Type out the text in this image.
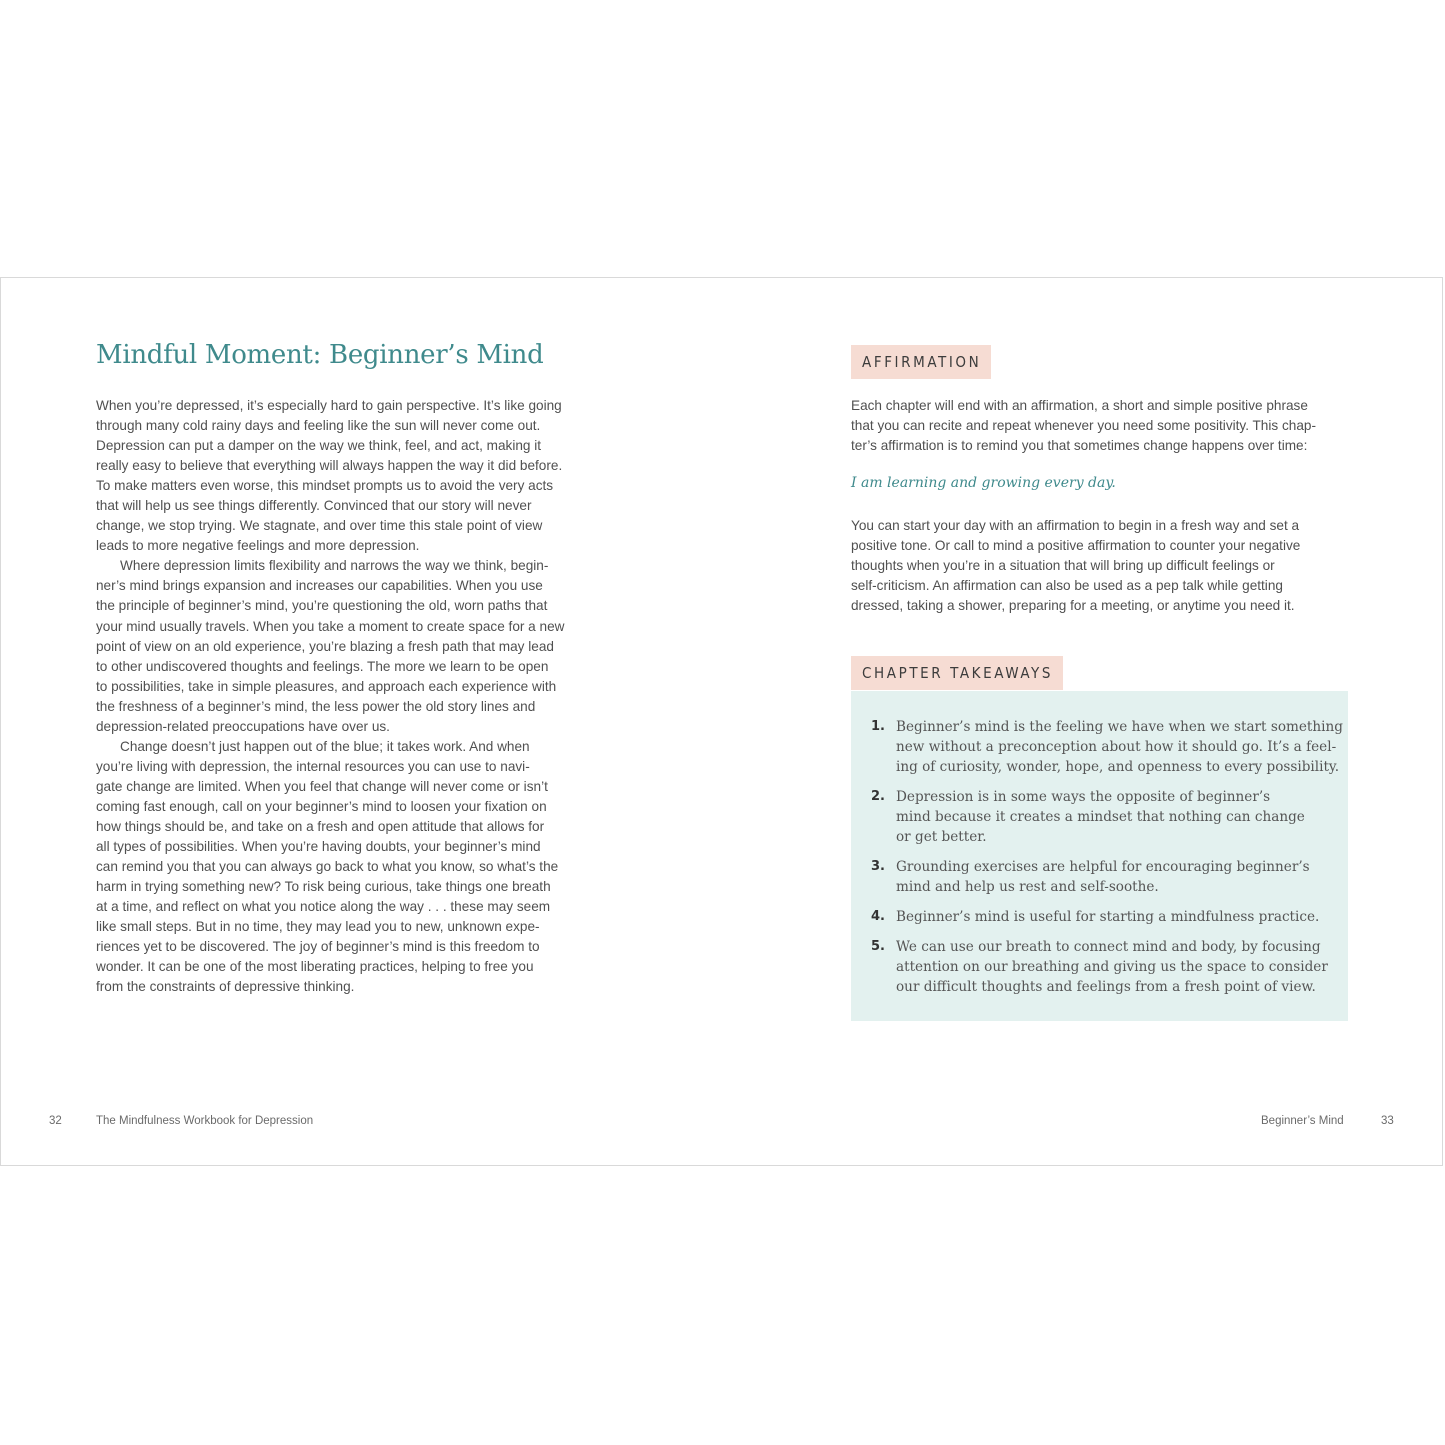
Mindful Moment: Beginner’s Mind
When you’re depressed, it’s especially hard to gain perspective. It’s like going
through many cold rainy days and feeling like the sun will never come out.
Depression can put a damper on the way we think, feel, and act, making it
really easy to believe that everything will always happen the way it did before.
To make matters even worse, this mindset prompts us to avoid the very acts
that will help us see things differently. Convinced that our story will never
change, we stop trying. We stagnate, and over time this stale point of view
leads to more negative feelings and more depression.
Where depression limits flexibility and narrows the way we think, begin-
ner’s mind brings expansion and increases our capabilities. When you use
the principle of beginner’s mind, you’re questioning the old, worn paths that
your mind usually travels. When you take a moment to create space for a new
point of view on an old experience, you’re blazing a fresh path that may lead
to other undiscovered thoughts and feelings. The more we learn to be open
to possibilities, take in simple pleasures, and approach each experience with
the freshness of a beginner’s mind, the less power the old story lines and
depression-related preoccupations have over us.
Change doesn’t just happen out of the blue; it takes work. And when
you’re living with depression, the internal resources you can use to navi-
gate change are limited. When you feel that change will never come or isn’t
coming fast enough, call on your beginner’s mind to loosen your fixation on
how things should be, and take on a fresh and open attitude that allows for
all types of possibilities. When you’re having doubts, your beginner’s mind
can remind you that you can always go back to what you know, so what’s the
harm in trying something new? To risk being curious, take things one breath
at a time, and reflect on what you notice along the way . . . these may seem
like small steps. But in no time, they may lead you to new, unknown expe-
riences yet to be discovered. The joy of beginner’s mind is this freedom to
wonder. It can be one of the most liberating practices, helping to free you
from the constraints of depressive thinking.
32	The Mindfulness Workbook for Depression
AFFIRMATION
Each chapter will end with an affirmation, a short and simple positive phrase
that you can recite and repeat whenever you need some positivity. This chap-
ter’s affirmation is to remind you that sometimes change happens over time:
I am learning and growing every day.
You can start your day with an affirmation to begin in a fresh way and set a
positive tone. Or call to mind a positive affirmation to counter your negative
thoughts when you’re in a situation that will bring up difficult feelings or
self-criticism. An affirmation can also be used as a pep talk while getting
dressed, taking a shower, preparing for a meeting, or anytime you need it.
CHAPTER TAKEAWAYS
1. Beginner’s mind is the feeling we have when we start something
new without a preconception about how it should go. It’s a feel-
ing of curiosity, wonder, hope, and openness to every possibility.
2. Depression is in some ways the opposite of beginner’s
mind because it creates a mindset that nothing can change
or get better.
3. Grounding exercises are helpful for encouraging beginner’s
mind and help us rest and self-soothe.
4. Beginner’s mind is useful for starting a mindfulness practice.
5. We can use our breath to connect mind and body, by focusing
attention on our breathing and giving us the space to consider
our difficult thoughts and feelings from a fresh point of view.
Beginner’s Mind	33
